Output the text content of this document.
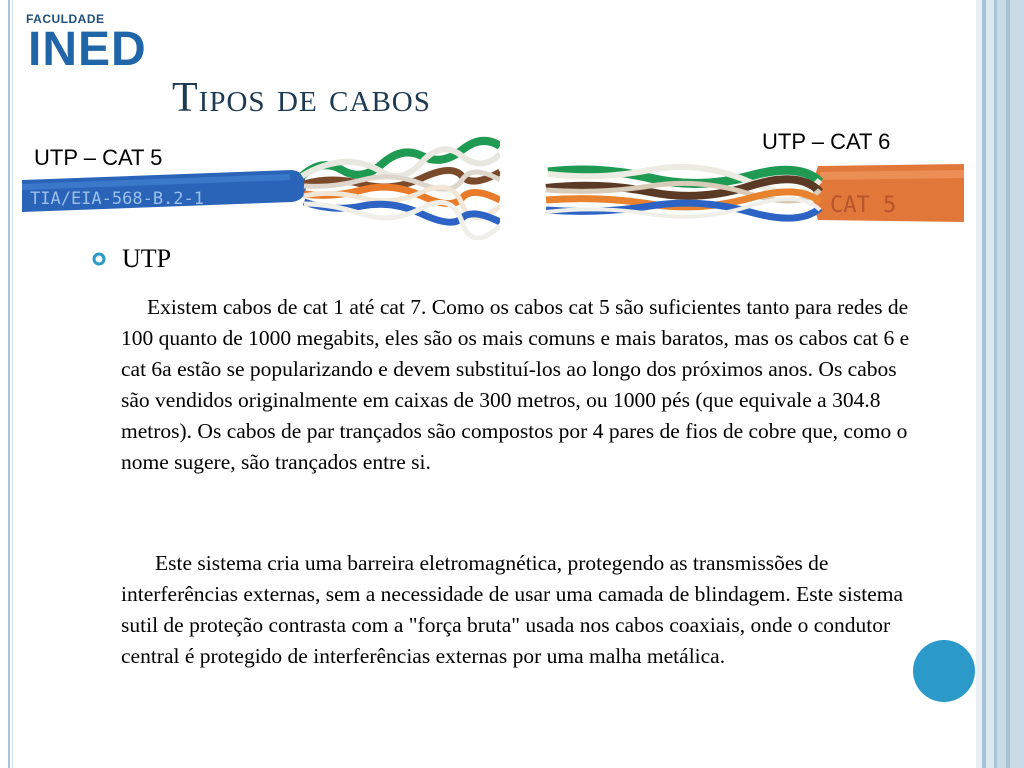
FACULDADE
INED
Tipos de cabos
TIA/EIA-568-B.2-1
UTP – CAT 5
CAT 5
UTP – CAT 6
UTP

Existem cabos de cat 1 até cat 7. Como os cabos cat 5 são suficientes tanto para redes de 100 quanto de 1000 megabits, eles são os mais comuns e mais baratos, mas os cabos cat 6 e cat 6a estão se popularizando e devem substituí-los ao longo dos próximos anos. Os cabos são vendidos originalmente em caixas de 300 metros, ou 1000 pés (que equivale a 304.8 metros). Os cabos de par trançados são compostos por 4 pares de fios de cobre que, como o nome sugere, são trançados entre si.

Este sistema cria uma barreira eletromagnética, protegendo as transmissões de interferências externas, sem a necessidade de usar uma camada de blindagem. Este sistema sutil de proteção contrasta com a "força bruta" usada nos cabos coaxiais, onde o condutor central é protegido de interferências externas por uma malha metálica.
